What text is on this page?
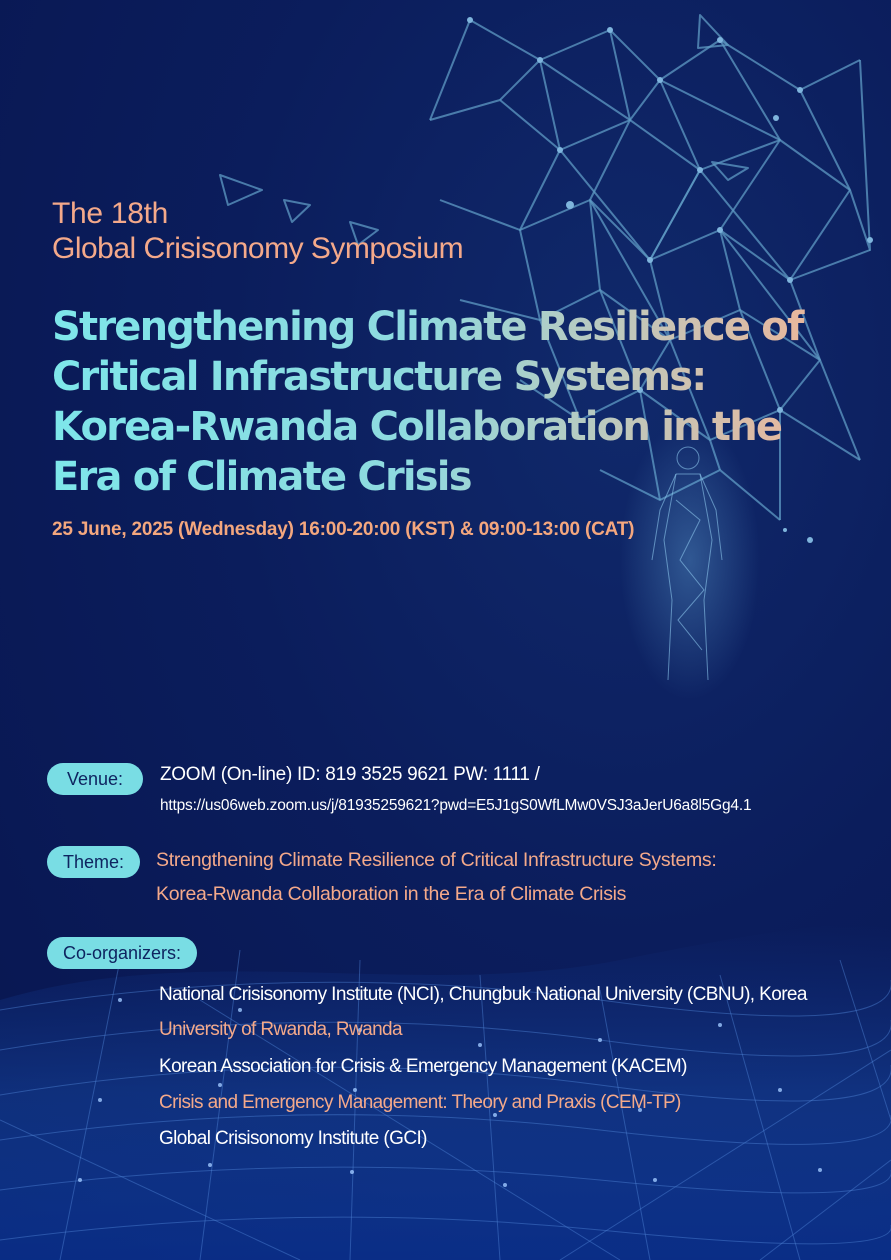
The 18th
Global Crisisonomy Symposium
Strengthening Climate Resilience of
Critical Infrastructure Systems:
Korea-Rwanda Collaboration in the
Era of Climate Crisis
25 June, 2025 (Wednesday) 16:00-20:00 (KST) & 09:00-13:00 (CAT)
Venue:	ZOOM (On-line) ID: 819 3525 9621 PW: 1111 /
https://us06web.zoom.us/j/81935259621?pwd=E5J1gS0WfLMw0VSJ3aJerU6a8l5Gg4.1
Theme:	Strengthening Climate Resilience of Critical Infrastructure Systems:
Korea-Rwanda Collaboration in the Era of Climate Crisis
Co-organizers:
National Crisisonomy Institute (NCI), Chungbuk National University (CBNU), Korea
University of Rwanda, Rwanda
Korean Association for Crisis & Emergency Management (KACEM)
Crisis and Emergency Management: Theory and Praxis (CEM-TP)
Global Crisisonomy Institute (GCI)
